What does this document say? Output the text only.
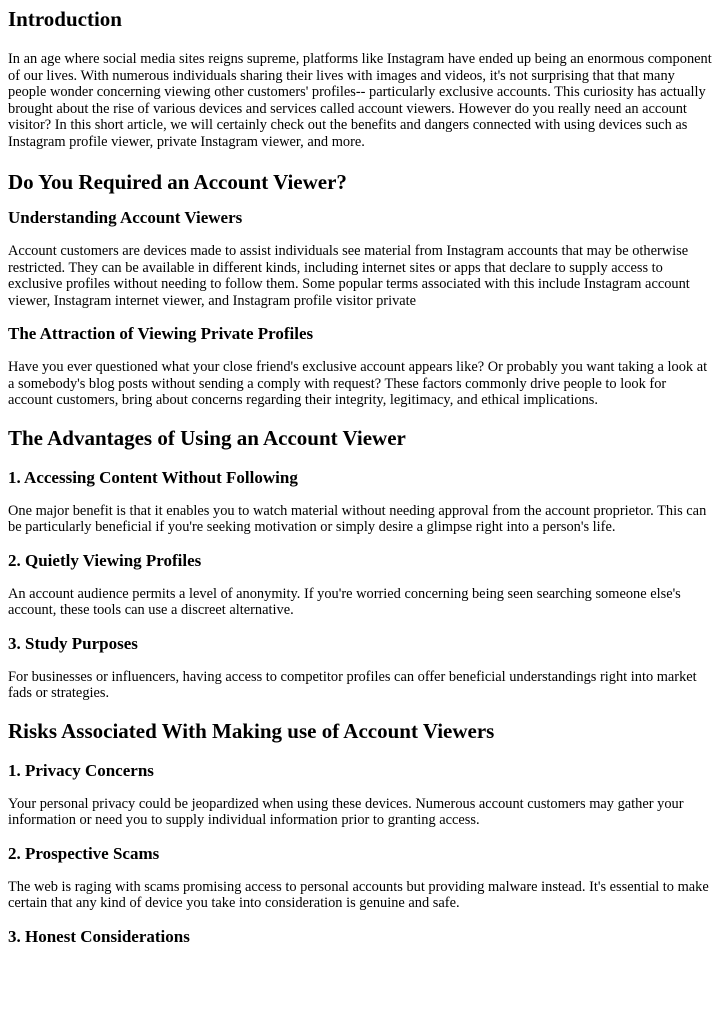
Introduction

In an age where social media sites reigns supreme, platforms like Instagram have ended up being an enormous component of our lives. With numerous individuals sharing their lives with images and videos, it's not surprising that that many people wonder concerning viewing other customers' profiles-- particularly exclusive accounts. This curiosity has actually brought about the rise of various devices and services called account viewers. However do you really need an account visitor? In this short article, we will certainly check out the benefits and dangers connected with using devices such as Instagram profile viewer, private Instagram viewer, and more.

Do You Required an Account Viewer?
Understanding Account Viewers

Account customers are devices made to assist individuals see material from Instagram accounts that may be otherwise restricted. They can be available in different kinds, including internet sites or apps that declare to supply access to exclusive profiles without needing to follow them. Some popular terms associated with this include Instagram account viewer, Instagram internet viewer, and Instagram profile visitor private

The Attraction of Viewing Private Profiles

Have you ever questioned what your close friend's exclusive account appears like? Or probably you want taking a look at a somebody's blog posts without sending a comply with request? These factors commonly drive people to look for account customers, bring about concerns regarding their integrity, legitimacy, and ethical implications.

The Advantages of Using an Account Viewer
1. Accessing Content Without Following

One major benefit is that it enables you to watch material without needing approval from the account proprietor. This can be particularly beneficial if you're seeking motivation or simply desire a glimpse right into a person's life.

2. Quietly Viewing Profiles

An account audience permits a level of anonymity. If you're worried concerning being seen searching someone else's account, these tools can use a discreet alternative.

3. Study Purposes

For businesses or influencers, having access to competitor profiles can offer beneficial understandings right into market fads or strategies.

Risks Associated With Making use of Account Viewers
1. Privacy Concerns

Your personal privacy could be jeopardized when using these devices. Numerous account customers may gather your information or need you to supply individual information prior to granting access.

2. Prospective Scams

The web is raging with scams promising access to personal accounts but providing malware instead. It's essential to make certain that any kind of device you take into consideration is genuine and safe.

3. Honest Considerations
